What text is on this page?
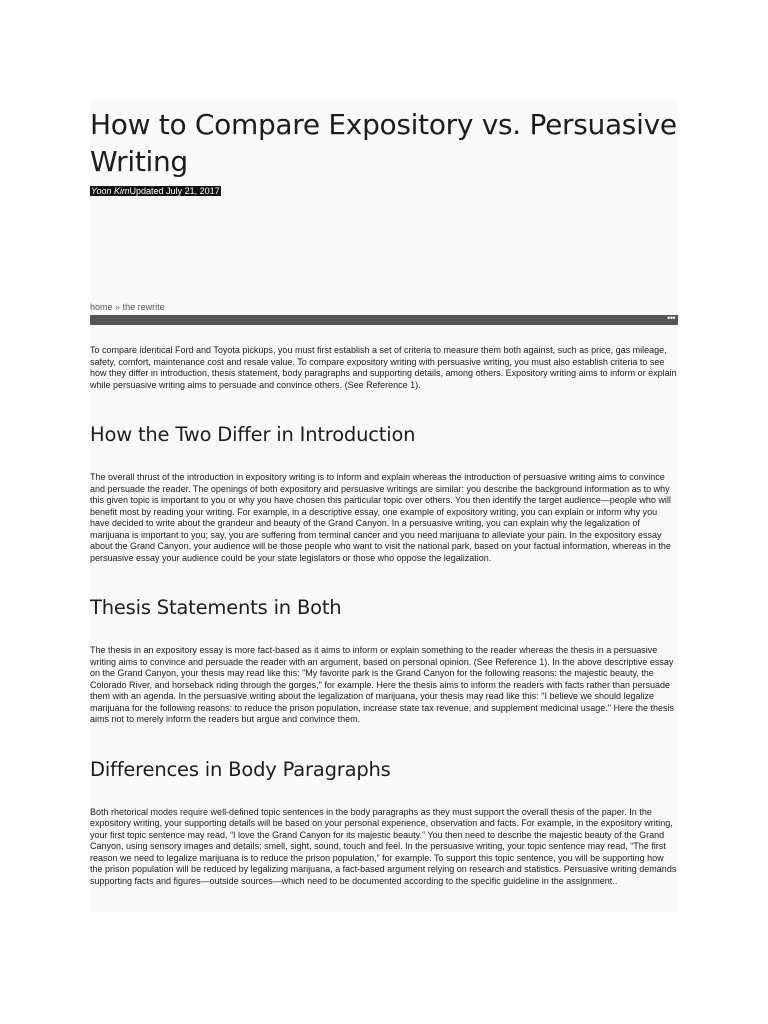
How to Compare Expository vs. Persuasive Writing
Yoon KimUpdated July 21, 2017
home » the rewrite
•••

To compare identical Ford and Toyota pickups, you must first establish a set of criteria to measure them both against, such as price, gas mileage, safety, comfort, maintenance cost and resale value. To compare expository writing with persuasive writing, you must also establish criteria to see how they differ in introduction, thesis statement, body paragraphs and supporting details, among others. Expository writing aims to inform or explain while persuasive writing aims to persuade and convince others. (See Reference 1).

How the Two Differ in Introduction

The overall thrust of the introduction in expository writing is to inform and explain whereas the introduction of persuasive writing aims to convince and persuade the reader. The openings of both expository and persuasive writings are similar: you describe the background information as to why this given topic is important to you or why you have chosen this particular topic over others. You then identify the target audience—people who will benefit most by reading your writing. For example, in a descriptive essay, one example of expository writing, you can explain or inform why you have decided to write about the grandeur and beauty of the Grand Canyon. In a persuasive writing, you can explain why the legalization of marijuana is important to you; say, you are suffering from terminal cancer and you need marijuana to alleviate your pain. In the expository essay about the Grand Canyon, your audience will be those people who want to visit the national park, based on your factual information, whereas in the persuasive essay your audience could be your state legislators or those who oppose the legalization.

Thesis Statements in Both

The thesis in an expository essay is more fact-based as it aims to inform or explain something to the reader whereas the thesis in a persuasive writing aims to convince and persuade the reader with an argument, based on personal opinion. (See Reference 1). In the above descriptive essay on the Grand Canyon, your thesis may read like this: "My favorite park is the Grand Canyon for the following reasons: the majestic beauty, the Colorado River, and horseback riding through the gorges," for example. Here the thesis aims to inform the readers with facts rather than persuade them with an agenda. In the persuasive writing about the legalization of marijuana, your thesis may read like this: "I believe we should legalize marijuana for the following reasons: to reduce the prison population, increase state tax revenue, and supplement medicinal usage." Here the thesis aims not to merely inform the readers but argue and convince them.

Differences in Body Paragraphs

Both rhetorical modes require well-defined topic sentences in the body paragraphs as they must support the overall thesis of the paper. In the expository writing, your supporting details will be based on your personal experience, observation and facts. For example, in the expository writing, your first topic sentence may read, “I love the Grand Canyon for its majestic beauty.” You then need to describe the majestic beauty of the Grand Canyon, using sensory images and details: smell, sight, sound, touch and feel. In the persuasive writing, your topic sentence may read, “The first reason we need to legalize marijuana is to reduce the prison population,” for example. To support this topic sentence, you will be supporting how the prison population will be reduced by legalizing marijuana, a fact-based argument relying on research and statistics. Persuasive writing demands supporting facts and figures—outside sources—which need to be documented according to the specific guideline in the assignment..
